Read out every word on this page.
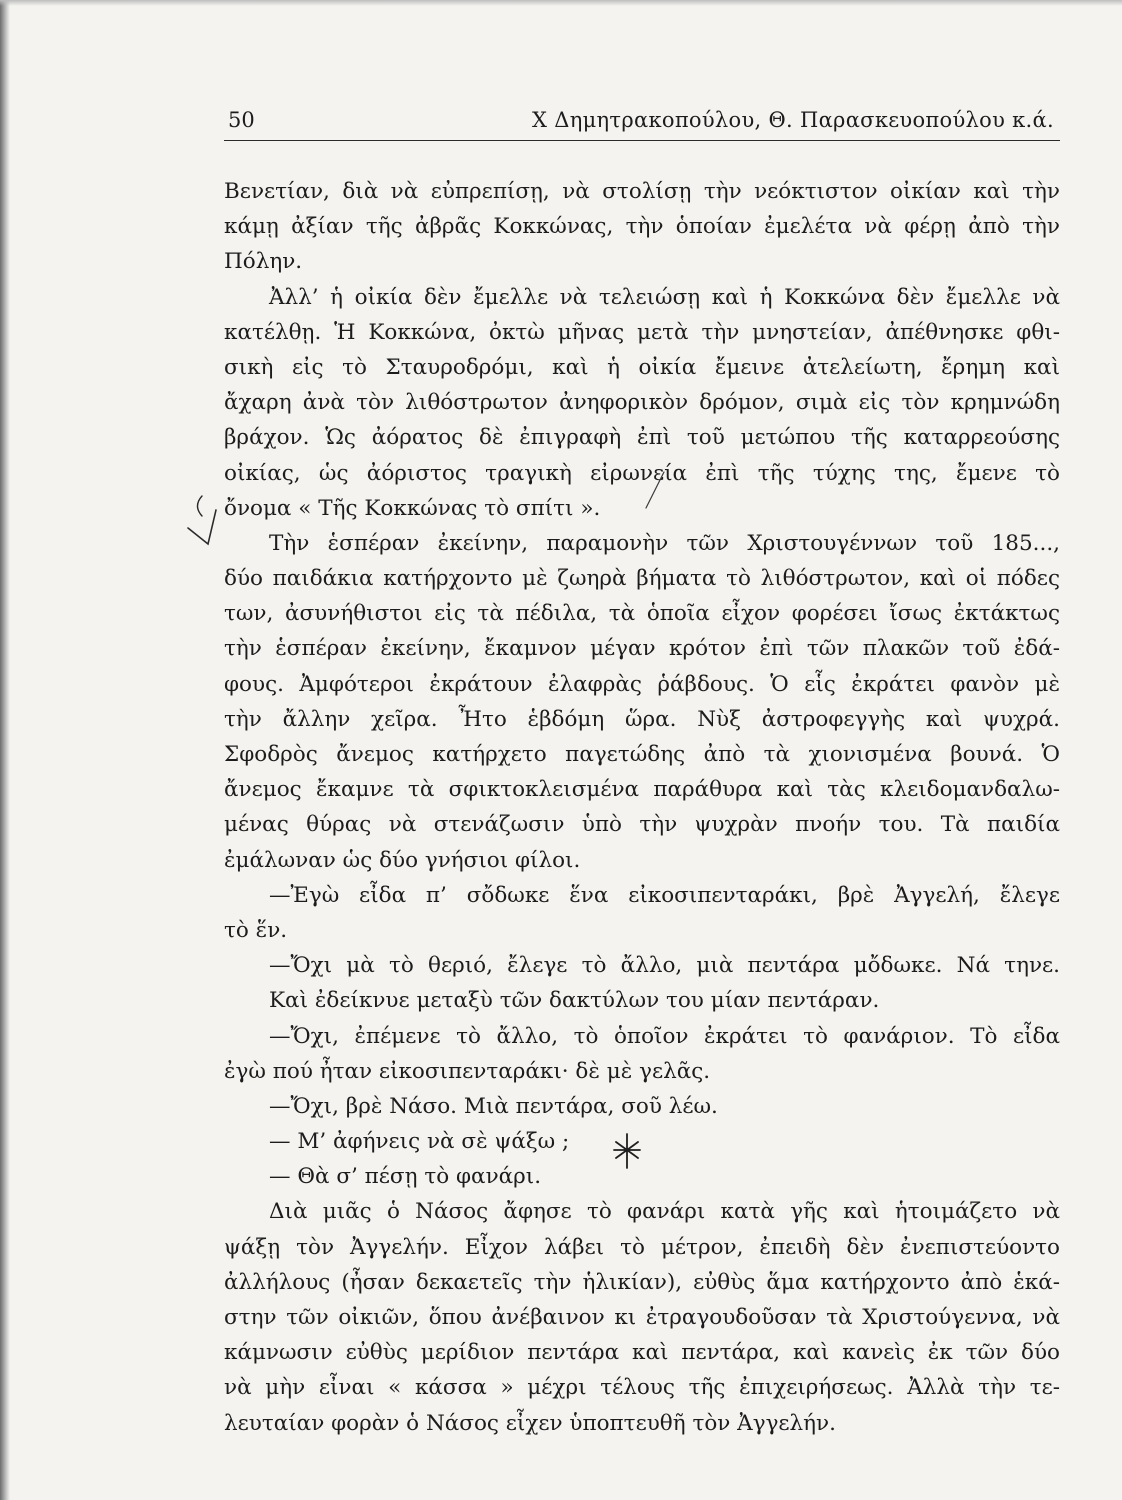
50	Χ Δημητρακοπούλου, Θ. Παρασκευοπούλου κ.ά.
Βενετίαν, διὰ νὰ εὐπρεπίσῃ, νὰ στολίσῃ τὴν νεόκτιστον οἰκίαν καὶ τὴν
κάμῃ ἀξίαν τῆς ἀβρᾶς Κοκκώνας, τὴν ὁποίαν ἐμελέτα νὰ φέρῃ ἀπὸ τὴν
Πόλην.
Ἀλλ’ ἡ οἰκία δὲν ἔμελλε νὰ τελειώσῃ καὶ ἡ Κοκκώνα δὲν ἔμελλε νὰ
κατέλθῃ. Ἡ Κοκκώνα, ὀκτὼ μῆνας μετὰ τὴν μνηστείαν, ἀπέθνησκε φθι-
σικὴ εἰς τὸ Σταυροδρόμι, καὶ ἡ οἰκία ἔμεινε ἀτελείωτη, ἔρημη καὶ
ἄχαρη ἀνὰ τὸν λιθόστρωτον ἀνηφορικὸν δρόμον, σιμὰ εἰς τὸν κρημνώδη
βράχον. Ὡς ἀόρατος δὲ ἐπιγραφὴ ἐπὶ τοῦ μετώπου τῆς καταρρεούσης
οἰκίας, ὡς ἀόριστος τραγικὴ εἰρωνεία ἐπὶ τῆς τύχης της, ἔμενε τὸ
ὄνομα « Τῆς Κοκκώνας τὸ σπίτι ».
Τὴν ἑσπέραν ἐκείνην, παραμονὴν τῶν Χριστουγέννων τοῦ 185...,
δύο παιδάκια κατήρχοντο μὲ ζωηρὰ βήματα τὸ λιθόστρωτον, καὶ οἱ πόδες
των, ἀσυνήθιστοι εἰς τὰ πέδιλα, τὰ ὁποῖα εἶχον φορέσει ἴσως ἐκτάκτως
τὴν ἑσπέραν ἐκείνην, ἔκαμνον μέγαν κρότον ἐπὶ τῶν πλακῶν τοῦ ἐδά-
φους. Ἀμφότεροι ἐκράτουν ἐλαφρὰς ῥάβδους. Ὁ εἷς ἐκράτει φανὸν μὲ
τὴν ἄλλην χεῖρα. Ἦτο ἑβδόμη ὥρα. Νὺξ ἀστροφεγγὴς καὶ ψυχρά.
Σφοδρὸς ἄνεμος κατήρχετο παγετώδης ἀπὸ τὰ χιονισμένα βουνά. Ὁ
ἄνεμος ἔκαμνε τὰ σφικτοκλεισμένα παράθυρα καὶ τὰς κλειδομανδαλω-
μένας θύρας νὰ στενάζωσιν ὑπὸ τὴν ψυχρὰν πνοήν του. Τὰ παιδία
ἐμάλωναν ὡς δύο γνήσιοι φίλοι.
—Ἐγὼ εἶδα π’ σὄδωκε ἕνα εἰκοσιπενταράκι, βρὲ Ἀγγελή, ἔλεγε
τὸ ἕν.
—Ὄχι μὰ τὸ θεριό, ἔλεγε τὸ ἄλλο, μιὰ πεντάρα μὄδωκε. Νά τηνε.
Καὶ ἐδείκνυε μεταξὺ τῶν δακτύλων του μίαν πεντάραν.
—Ὄχι, ἐπέμενε τὸ ἄλλο, τὸ ὁποῖον ἐκράτει τὸ φανάριον. Τὸ εἶδα
ἐγὼ πού ἦταν εἰκοσιπενταράκι· δὲ μὲ γελᾶς.
—Ὄχι, βρὲ Νάσο. Μιὰ πεντάρα, σοῦ λέω.
— Μ’ ἀφήνεις νὰ σὲ ψάξω ;
— Θὰ σ’ πέσῃ τὸ φανάρι.
Διὰ μιᾶς ὁ Νάσος ἄφησε τὸ φανάρι κατὰ γῆς καὶ ἡτοιμάζετο νὰ
ψάξῃ τὸν Ἀγγελήν. Εἶχον λάβει τὸ μέτρον, ἐπειδὴ δὲν ἐνεπιστεύοντο
ἀλλήλους (ἦσαν δεκαετεῖς τὴν ἡλικίαν), εὐθὺς ἅμα κατήρχοντο ἀπὸ ἑκά-
στην τῶν οἰκιῶν, ὅπου ἀνέβαινον κι ἐτραγουδοῦσαν τὰ Χριστούγεννα, νὰ
κάμνωσιν εὐθὺς μερίδιον πεντάρα καὶ πεντάρα, καὶ κανεὶς ἐκ τῶν δύο
νὰ μὴν εἶναι « κάσσα » μέχρι τέλους τῆς ἐπιχειρήσεως. Ἀλλὰ τὴν τε-
λευταίαν φορὰν ὁ Νάσος εἶχεν ὑποπτευθῆ τὸν Ἀγγελήν.
